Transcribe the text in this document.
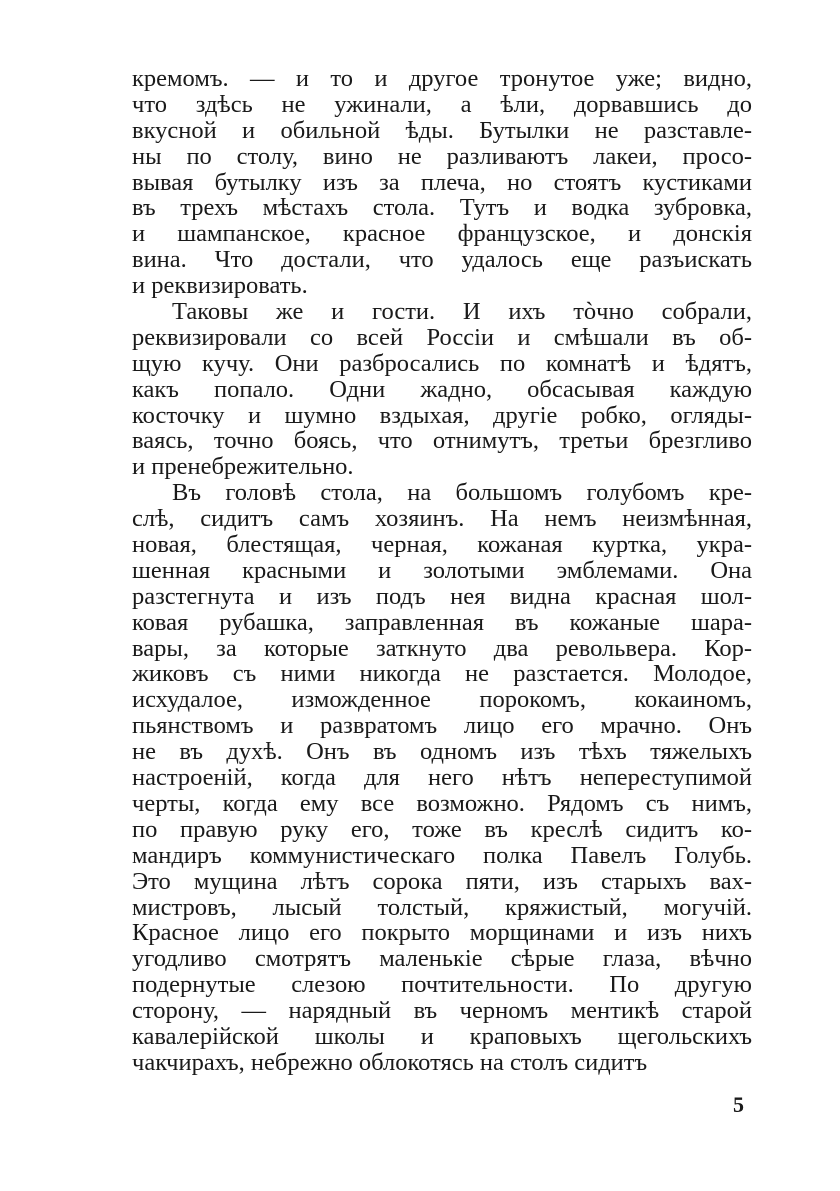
кремомъ. — и то и другое тронутое уже; видно,
что здѣсь не ужинали, а ѣли, дорвавшись до
вкусной и обильной ѣды. Бутылки не разставле-
ны по столу, вино не разливаютъ лакеи, просо-
вывая бутылку изъ за плеча, но стоятъ кустиками
въ трехъ мѣстахъ стола. Тутъ и водка зубровка,
и шампанское, красное французское, и донскія
вина. Что достали, что удалось еще разъискать
и реквизировать.
Таковы же и гости. И ихъ тòчно собрали,
реквизировали со всей Россіи и смѣшали въ об-
щую кучу. Они разбросались по комнатѣ и ѣдятъ,
какъ попало. Одни жадно, обсасывая каждую
косточку и шумно вздыхая, другіе робко, огляды-
ваясь, точно боясь, что отнимутъ, третьи брезгливо
и пренебрежительно.
Въ головѣ стола, на большомъ голубомъ кре-
слѣ, сидитъ самъ хозяинъ. На немъ неизмѣнная,
новая, блестящая, черная, кожаная куртка, укра-
шенная красными и золотыми эмблемами. Она
разстегнута и изъ подъ нея видна красная шол-
ковая рубашка, заправленная въ кожаные шара-
вары, за которые заткнуто два револьвера. Кор-
жиковъ съ ними никогда не разстается. Молодое,
исхудалое, изможденное порокомъ, кокаиномъ,
пьянствомъ и развратомъ лицо его мрачно. Онъ
не въ духѣ. Онъ въ одномъ изъ тѣхъ тяжелыхъ
настроеній, когда для него нѣтъ непереступимой
черты, когда ему все возможно. Рядомъ съ нимъ,
по правую руку его, тоже въ креслѣ сидитъ ко-
мандиръ коммунистическаго полка Павелъ Голубь.
Это мущина лѣтъ сорока пяти, изъ старыхъ вах-
мистровъ, лысый толстый, кряжистый, могучій.
Красное лицо его покрыто морщинами и изъ нихъ
угодливо смотрятъ маленькіе сѣрые глаза, вѣчно
подернутые слезою почтительности. По другую
сторону, — нарядный въ черномъ ментикѣ старой
кавалерійской школы и краповыхъ щегольскихъ
чакчирахъ, небрежно облокотясь на столъ сидитъ
5
